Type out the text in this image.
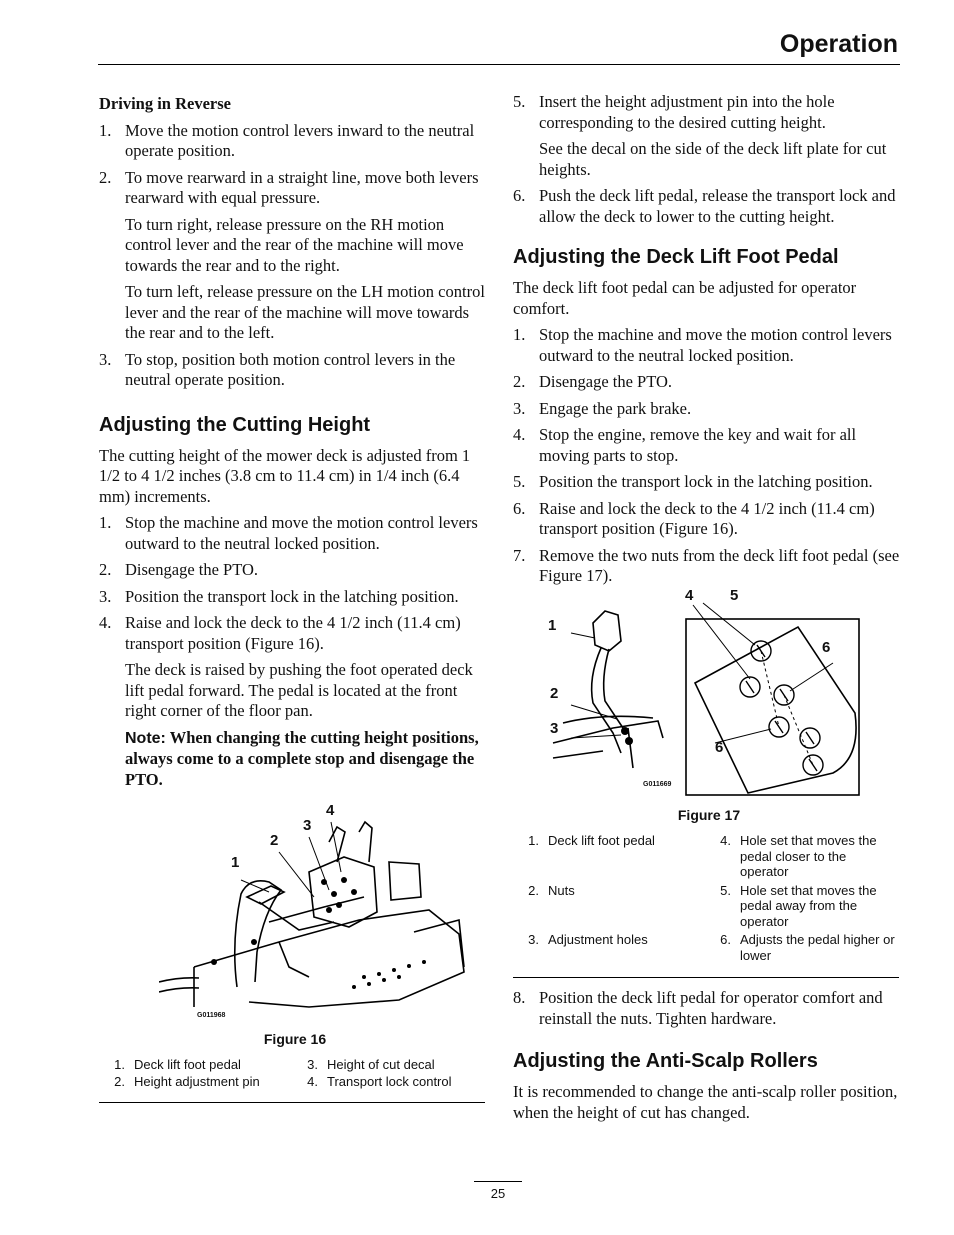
Operation
Driving in Reverse
1. Move the motion control levers inward to the neutral operate position.
2. To move rearward in a straight line, move both levers rearward with equal pressure.

To turn right, release pressure on the RH motion control lever and the rear of the machine will move towards the rear and to the right.

To turn left, release pressure on the LH motion control lever and the rear of the machine will move towards the rear and to the left.

3. To stop, position both motion control levers in the neutral operate position.
Adjusting the Cutting Height

The cutting height of the mower deck is adjusted from 1 1/2 to 4 1/2 inches (3.8 cm to 11.4 cm) in 1/4 inch (6.4 mm) increments.

1. Stop the machine and move the motion control levers outward to the neutral locked position.
2. Disengage the PTO.
3. Position the transport lock in the latching position.
4. Raise and lock the deck to the 4 1/2 inch (11.4 cm) transport position (Figure 16).

The deck is raised by pushing the foot operated deck lift pedal forward. The pedal is located at the front right corner of the floor pan.

Note: When changing the cutting height positions, always come to a complete stop and disengage the PTO.
1
2
3
4
G011968
Figure 16
1. Deck lift foot pedal	3. Height of cut decal
2. Height adjustment pin	4. Transport lock control
5. Insert the height adjustment pin into the hole corresponding to the desired cutting height.

See the decal on the side of the deck lift plate for cut heights.

6. Push the deck lift pedal, release the transport lock and allow the deck to lower to the cutting height.
Adjusting the Deck Lift Foot Pedal

The deck lift foot pedal can be adjusted for operator comfort.

1. Stop the machine and move the motion control levers outward to the neutral locked position.
2. Disengage the PTO.
3. Engage the park brake.
4. Stop the engine, remove the key and wait for all moving parts to stop.
5. Position the transport lock in the latching position.
6. Raise and lock the deck to the 4 1/2 inch (11.4 cm) transport position (Figure 16).
7. Remove the two nuts from the deck lift foot pedal (see Figure 17).
4 5
1
6
2
3
6
G011669
Figure 17
1. Deck lift foot pedal	4. Hole set that moves the pedal closer to the operator
2. Nuts	5. Hole set that moves the pedal away from the operator
3. Adjustment holes	6. Adjusts the pedal higher or lower
8. Position the deck lift pedal for operator comfort and reinstall the nuts. Tighten hardware.
Adjusting the Anti-Scalp Rollers

It is recommended to change the anti-scalp roller position, when the height of cut has changed.

25
